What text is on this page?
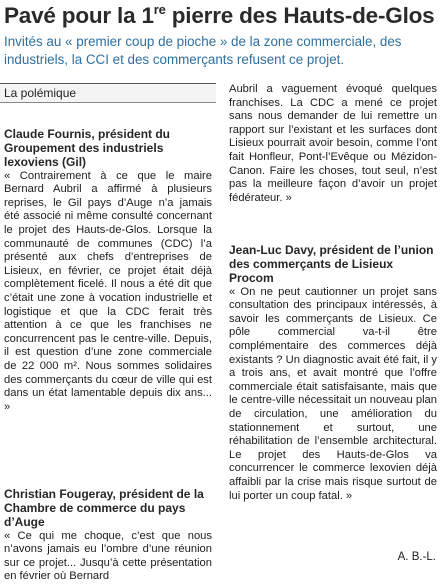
Pavé pour la 1re pierre des Hauts-de-Glos
Invités au « premier coup de pioche » de la zone commerciale, des industriels, la CCI et des commerçants refusent ce projet.
La polémique
Claude Fournis, président du Groupement des industriels lexoviens (Gil)
« Contrairement à ce que le maire Bernard Aubril a affirmé à plusieurs reprises, le Gil pays d’Auge n’a jamais été associé ni même consulté concernant le projet des Hauts-de-Glos. Lorsque la communauté de communes (CDC) l’a présenté aux chefs d’entreprises de Lisieux, en février, ce projet était déjà complètement ficelé. Il nous a été dit que c’était une zone à vocation industrielle et logistique et que la CDC ferait très attention à ce que les franchises ne concurrencent pas le centre-ville. Depuis, il est question d’une zone commerciale de 22 000 m². Nous sommes solidaires des commerçants du cœur de ville qui est dans un état lamentable depuis dix ans... »
Christian Fougeray, président de la Chambre de commerce du pays d’Auge
« Ce qui me choque, c’est que nous n’avons jamais eu l’ombre d’une réunion sur ce projet... Jusqu’à cette présentation en février où Bernard
Aubril a vaguement évoqué quelques franchises. La CDC a mené ce projet sans nous demander de lui remettre un rapport sur l’existant et les surfaces dont Lisieux pourrait avoir besoin, comme l’ont fait Honfleur, Pont-l’Evêque ou Mézidon-Canon. Faire les choses, tout seul, n’est pas la meilleure façon d’avoir un projet fédérateur. »
Jean-Luc Davy, président de l’union des commerçants de Lisieux Procom
« On ne peut cautionner un projet sans consultation des principaux intéressés, à savoir les commerçants de Lisieux. Ce pôle commercial va-t-il être complémentaire des commerces déjà existants ? Un diagnostic avait été fait, il y a trois ans, et avait montré que l’offre commerciale était satisfaisante, mais que le centre-ville nécessitait un nouveau plan de circulation, une amélioration du stationnement et surtout, une réhabilitation de l’ensemble architectural. Le projet des Hauts-de-Glos va concurrencer le commerce lexovien déjà affaibli par la crise mais risque surtout de lui porter un coup fatal. »
A. B.-L.
